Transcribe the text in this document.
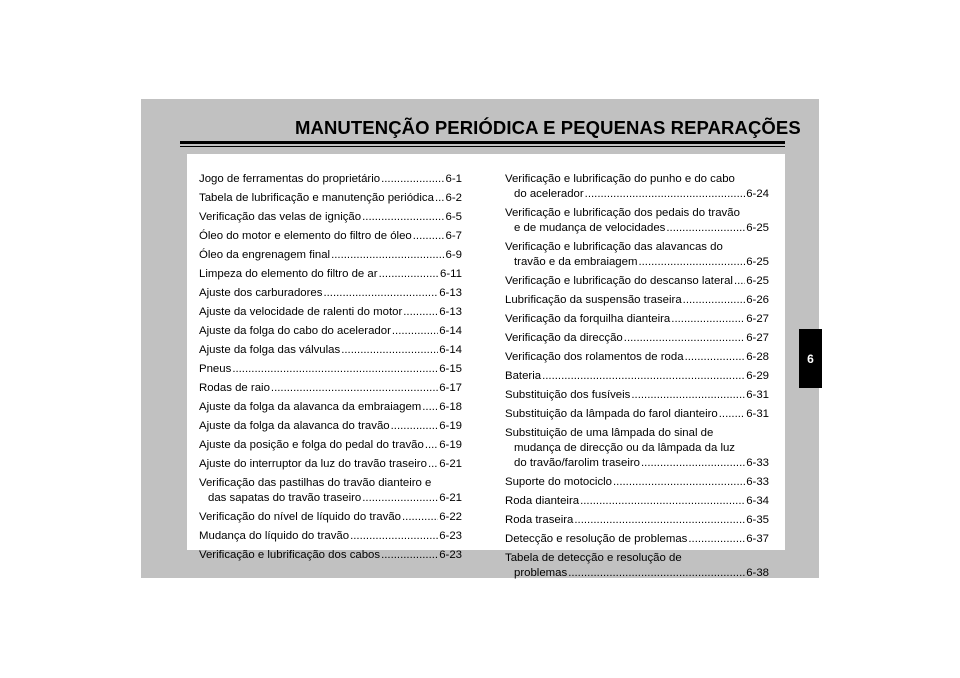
MANUTENÇÃO PERIÓDICA E PEQUENAS REPARAÇÕES
6
Jogo de ferramentas do proprietário .....	6-1
Tabela de lubrificação e manutenção periódica ..... 6-2
Verificação das velas de ignição .....	6-5
Óleo do motor e elemento do filtro de óleo .....	6-7
Óleo da engrenagem final .....	6-9
Limpeza do elemento do filtro de ar .....	6-11
Ajuste dos carburadores .....	6-13
Ajuste da velocidade de ralenti do motor .....	6-13
Ajuste da folga do cabo do acelerador .....	6-14
Ajuste da folga das válvulas .....	6-14
Pneus .....	6-15
Rodas de raio .....	6-17
Ajuste da folga da alavanca da embraiagem ..... 6-18
Ajuste da folga da alavanca do travão .....	6-19
Ajuste da posição e folga do pedal do travão ..... 6-19
Ajuste do interruptor da luz do travão traseiro ..... 6-21
Verificação das pastilhas do travão dianteiro e
das sapatas do travão traseiro .....	6-21
Verificação do nível de líquido do travão .....	6-22
Mudança do líquido do travão .....	6-23
Verificação e lubrificação dos cabos .....	6-23
Verificação e lubrificação do punho e do cabo
do acelerador .....	6-24
Verificação e lubrificação dos pedais do travão
e de mudança de velocidades .....	6-25
Verificação e lubrificação das alavancas do
travão e da embraiagem .....	6-25
Verificação e lubrificação do descanso lateral ..... 6-25
Lubrificação da suspensão traseira .....	6-26
Verificação da forquilha dianteira .....	6-27
Verificação da direcção .....	6-27
Verificação dos rolamentos de roda .....	6-28
Bateria .....	6-29
Substituição dos fusíveis .....	6-31
Substituição da lâmpada do farol dianteiro ..... 6-31
Substituição de uma lâmpada do sinal de
mudança de direcção ou da lâmpada da luz
do travão/farolim traseiro .....	6-33
Suporte do motociclo .....	6-33
Roda dianteira .....	6-34
Roda traseira .....	6-35
Detecção e resolução de problemas .....	6-37
Tabela de detecção e resolução de
problemas .....	6-38
